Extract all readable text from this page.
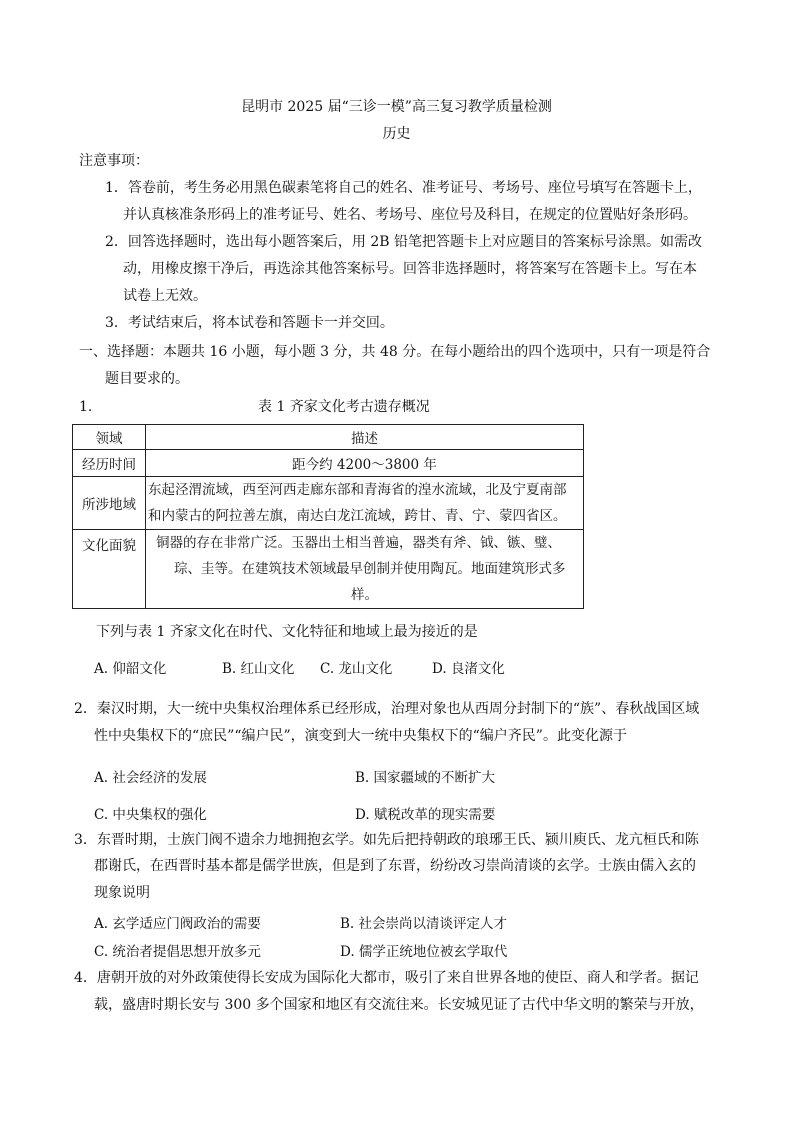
昆明市 2025 届“三诊一模”高三复习教学质量检测
历史
注意事项：
1．答卷前，考生务必用黑色碳素笔将自己的姓名、准考证号、考场号、座位号填写在答题卡上，
并认真核准条形码上的准考证号、姓名、考场号、座位号及科目，在规定的位置贴好条形码。
2．回答选择题时，选出每小题答案后，用 2B 铅笔把答题卡上对应题目的答案标号涂黑。如需改
动，用橡皮擦干净后，再选涂其他答案标号。回答非选择题时，将答案写在答题卡上。写在本
试卷上无效。
3．考试结束后，将本试卷和答题卡一并交回。
一、选择题：本题共 16 小题，每小题 3 分，共 48 分。在每小题给出的四个选项中，只有一项是符合
题目要求的。
1.	表 1 齐家文化考古遗存概况
领域	描述
经历时间	距今约 4200～3800 年
所涉地域	东起泾渭流域，西至河西走廊东部和青海省的湟水流域，北及宁夏南部
和内蒙古的阿拉善左旗，南达白龙江流域，跨甘、青、宁、蒙四省区。

文化面貌	铜器的存在非常广泛。玉器出土相当普遍，器类有斧、钺、镞、璧、
琮、圭等。在建筑技术领域最早创制并使用陶瓦。地面建筑形式多
样。
下列与表 1 齐家文化在时代、文化特征和地域上最为接近的是
A. 仰韶文化	B. 红山文化 C. 龙山文化	D. 良渚文化
2．秦汉时期，大一统中央集权治理体系已经形成，治理对象也从西周分封制下的“族”、春秋战国区域
性中央集权下的“庶民”“编户民”，演变到大一统中央集权下的“编户齐民”。此变化源于
A. 社会经济的发展	B. 国家疆域的不断扩大
C. 中央集权的强化	D. 赋税改革的现实需要
3．东晋时期，士族门阀不遗余力地拥抱玄学。如先后把持朝政的琅琊王氏、颍川庾氏、龙亢桓氏和陈
郡谢氏，在西晋时基本都是儒学世族，但是到了东晋，纷纷改习崇尚清谈的玄学。士族由儒入玄的
现象说明
A. 玄学适应门阀政治的需要	B. 社会崇尚以清谈评定人才
C. 统治者提倡思想开放多元	D. 儒学正统地位被玄学取代
4．唐朝开放的对外政策使得长安成为国际化大都市，吸引了来自世界各地的使臣、商人和学者。据记
载，盛唐时期长安与 300 多个国家和地区有交流往来。长安城见证了古代中华文明的繁荣与开放，
